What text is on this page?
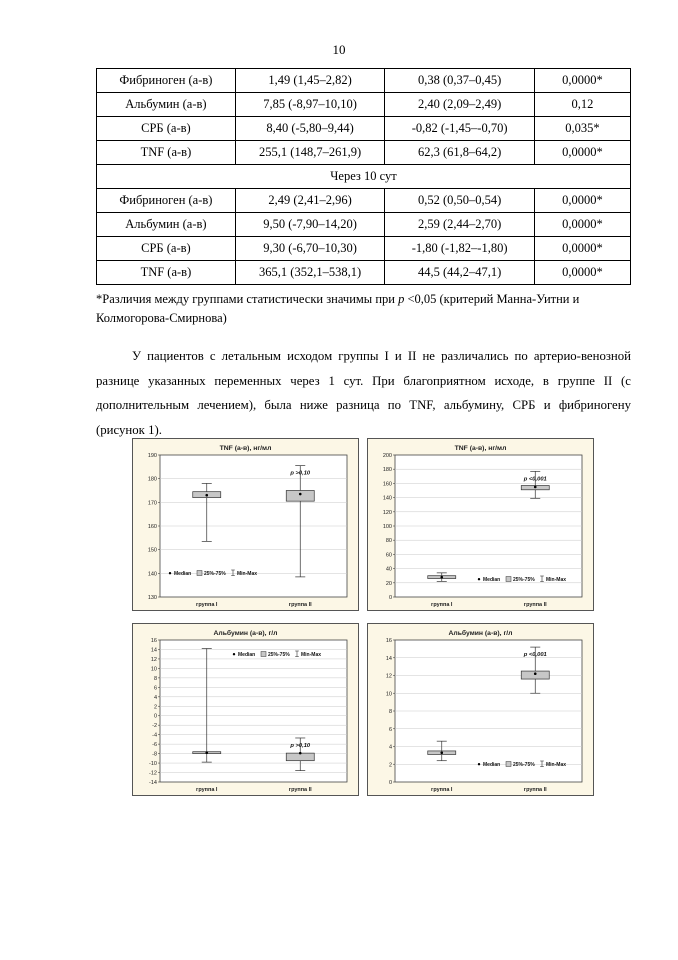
10
Фибриноген (а-в)	1,49 (1,45–2,82)	0,38 (0,37–0,45)	0,0000*
Альбумин (а-в)	7,85 (-8,97–10,10)	2,40 (2,09–2,49)	0,12
СРБ (а-в)	8,40 (-5,80–9,44)	-0,82 (-1,45–-0,70)	0,035*
TNF (а-в)	255,1 (148,7–261,9)	62,3 (61,8–64,2)	0,0000*
Через 10 сут			
Фибриноген (а-в)	2,49 (2,41–2,96)	0,52 (0,50–0,54)	0,0000*
Альбумин (а-в)	9,50 (-7,90–14,20)	2,59 (2,44–2,70)	0,0000*
СРБ (а-в)	9,30 (-6,70–10,30)	-1,80 (-1,82–-1,80)	0,0000*
TNF (а-в)	365,1 (352,1–538,1)	44,5 (44,2–47,1)	0,0000*
*Различия между группами статистически значимы при p <0,05 (критерий Манна-Уитни и Колмогорова-Смирнова)
У пациентов с летальным исходом группы I и II не различались по артерио-венозной разнице указанных переменных через 1 сут. При благоприятном исходе, в группе II (с дополнительным лечением), была ниже разница по TNF, альбумину, СРБ и фибриногену (рисунок 1).
TNF (а-в), нг/мл
130
140
150
160
170
180
190
группа I	группа II
p >0,10
Median	25%-75% Min-Max
TNF (а-в), нг/мл
0
20
40
60
80
100
120
140
160
180
200
группа I	группа II
p <0,001
Median	25%-75% Min-Max
Альбумин (а-в), г/л
-14
-12
-10
-8
-6
-4
-2
0
2
4
6
8
10
12
14
16
группа I	группа II
p >0,10
Median	25%-75% Min-Max
Альбумин (а-в), г/л
0
2
4
6
8
10
12
14
16
группа I	группа II
p <0,001
Median	25%-75% Min-Max
